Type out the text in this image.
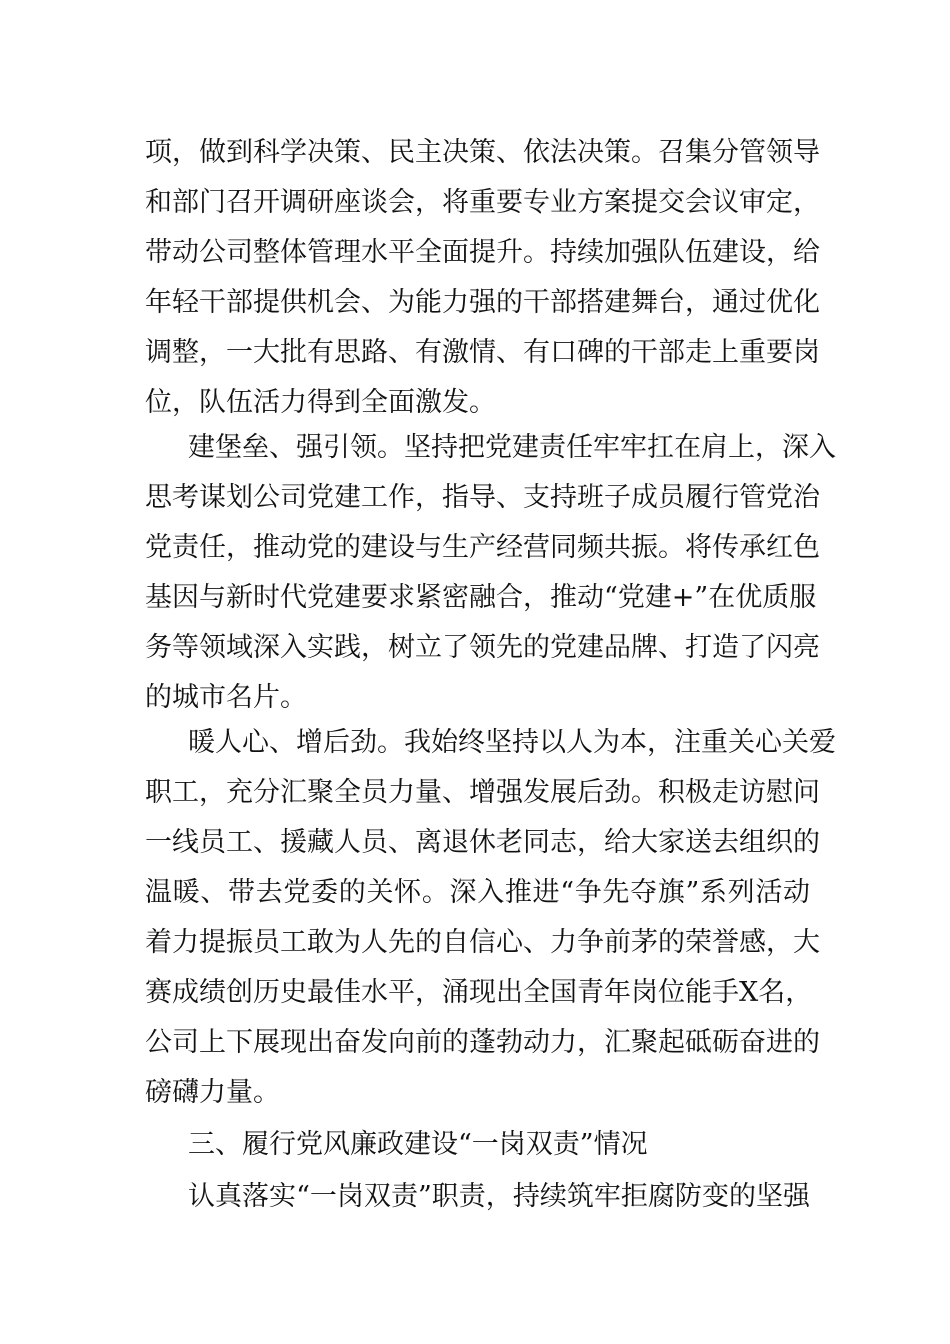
项，做到科学决策、民主决策、依法决策。召集分管领导
和部门召开调研座谈会，将重要专业方案提交会议审定，
带动公司整体管理水平全面提升。持续加强队伍建设，给
年轻干部提供机会、为能力强的干部搭建舞台，通过优化
调整，一大批有思路、有激情、有口碑的干部走上重要岗
位，队伍活力得到全面激发。
建堡垒、强引领。坚持把党建责任牢牢扛在肩上，深入
思考谋划公司党建工作，指导、支持班子成员履行管党治
党责任，推动党的建设与生产经营同频共振。将传承红色
基因与新时代党建要求紧密融合，推动“党建+”在优质服
务等领域深入实践，树立了领先的党建品牌、打造了闪亮
的城市名片。
暖人心、增后劲。我始终坚持以人为本，注重关心关爱
职工，充分汇聚全员力量、增强发展后劲。积极走访慰问
一线员工、援藏人员、离退休老同志，给大家送去组织的
温暖、带去党委的关怀。深入推进“争先夺旗”系列活动
着力提振员工敢为人先的自信心、力争前茅的荣誉感，大
赛成绩创历史最佳水平，涌现出全国青年岗位能手X名，
公司上下展现出奋发向前的蓬勃动力，汇聚起砥砺奋进的
磅礴力量。
三、履行党风廉政建设“一岗双责”情况
认真落实“一岗双责”职责，持续筑牢拒腐防变的坚强
